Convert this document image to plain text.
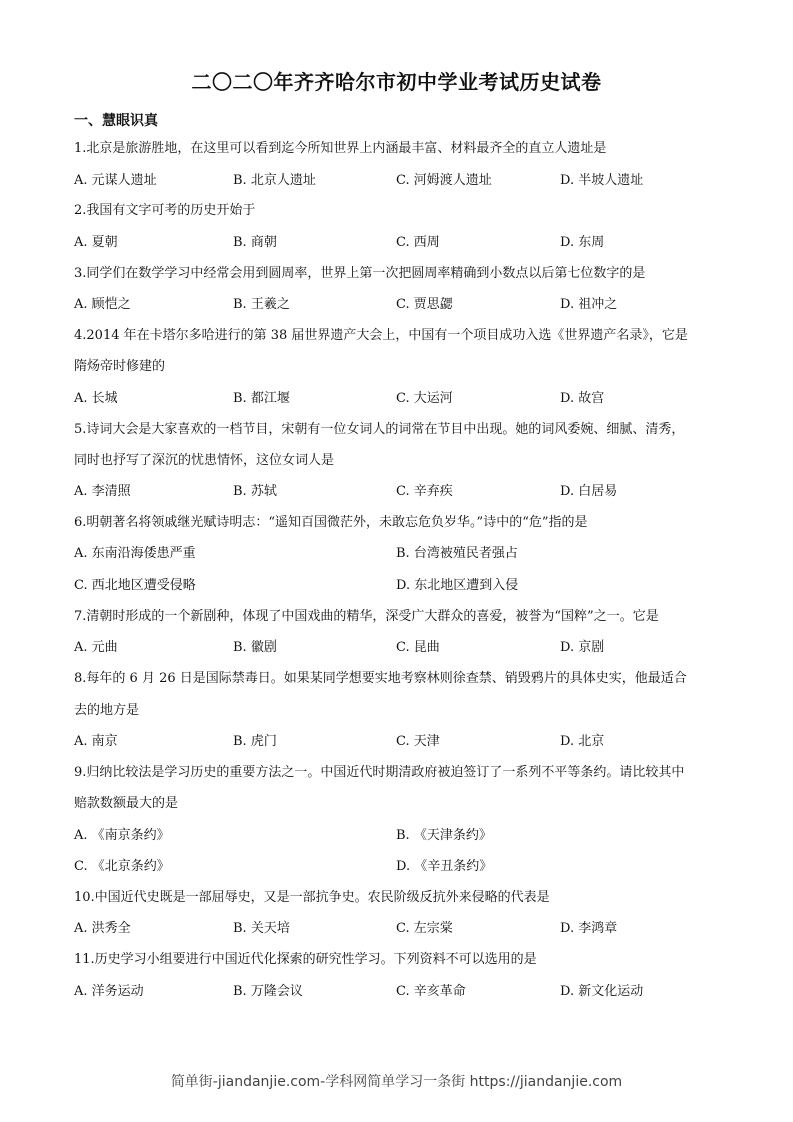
二〇二〇年齐齐哈尔市初中学业考试历史试卷
一、慧眼识真
1.北京是旅游胜地，在这里可以看到迄今所知世界上内涵最丰富、材料最齐全的直立人遗址是
A. 元谋人遗址	B. 北京人遗址	C. 河姆渡人遗址	D. 半坡人遗址
2.我国有文字可考的历史开始于
A. 夏朝	B. 商朝	C. 西周	D. 东周
3.同学们在数学学习中经常会用到圆周率，世界上第一次把圆周率精确到小数点以后第七位数字的是
A. 顾恺之	B. 王羲之	C. 贾思勰	D. 祖冲之
4.2014 年在卡塔尔多哈进行的第 38 届世界遗产大会上，中国有一个项目成功入选《世界遗产名录》，它是
隋炀帝时修建的
A. 长城	B. 都江堰	C. 大运河	D. 故宫
5.诗词大会是大家喜欢的一档节目，宋朝有一位女词人的词常在节目中出现。她的词风委婉、细腻、清秀，
同时也抒写了深沉的忧患情怀，这位女词人是
A. 李清照	B. 苏轼	C. 辛弃疾	D. 白居易
6.明朝著名将领戚继光赋诗明志：“遥知百国微茫外，未敢忘危负岁华。”诗中的“危”指的是
A. 东南沿海倭患严重	B. 台湾被殖民者强占
C. 西北地区遭受侵略	D. 东北地区遭到入侵
7.清朝时形成的一个新剧种，体现了中国戏曲的精华，深受广大群众的喜爱，被誉为“国粹”之一。它是
A. 元曲	B. 徽剧	C. 昆曲	D. 京剧
8.每年的 6 月 26 日是国际禁毒日。如果某同学想要实地考察林则徐查禁、销毁鸦片的具体史实，他最适合
去的地方是
A. 南京	B. 虎门	C. 天津	D. 北京
9.归纳比较法是学习历史的重要方法之一。中国近代时期清政府被迫签订了一系列不平等条约。请比较其中
赔款数额最大的是
A. 《南京条约》	B. 《天津条约》
C. 《北京条约》	D. 《辛丑条约》
10.中国近代史既是一部屈辱史，又是一部抗争史。农民阶级反抗外来侵略的代表是
A. 洪秀全	B. 关天培	C. 左宗棠	D. 李鸿章
11.历史学习小组要进行中国近代化探索的研究性学习。下列资料不可以选用的是
A. 洋务运动	B. 万隆会议	C. 辛亥革命	D. 新文化运动
简单街-jiandanjie.com-学科网简单学习一条街 https://jiandanjie.com
